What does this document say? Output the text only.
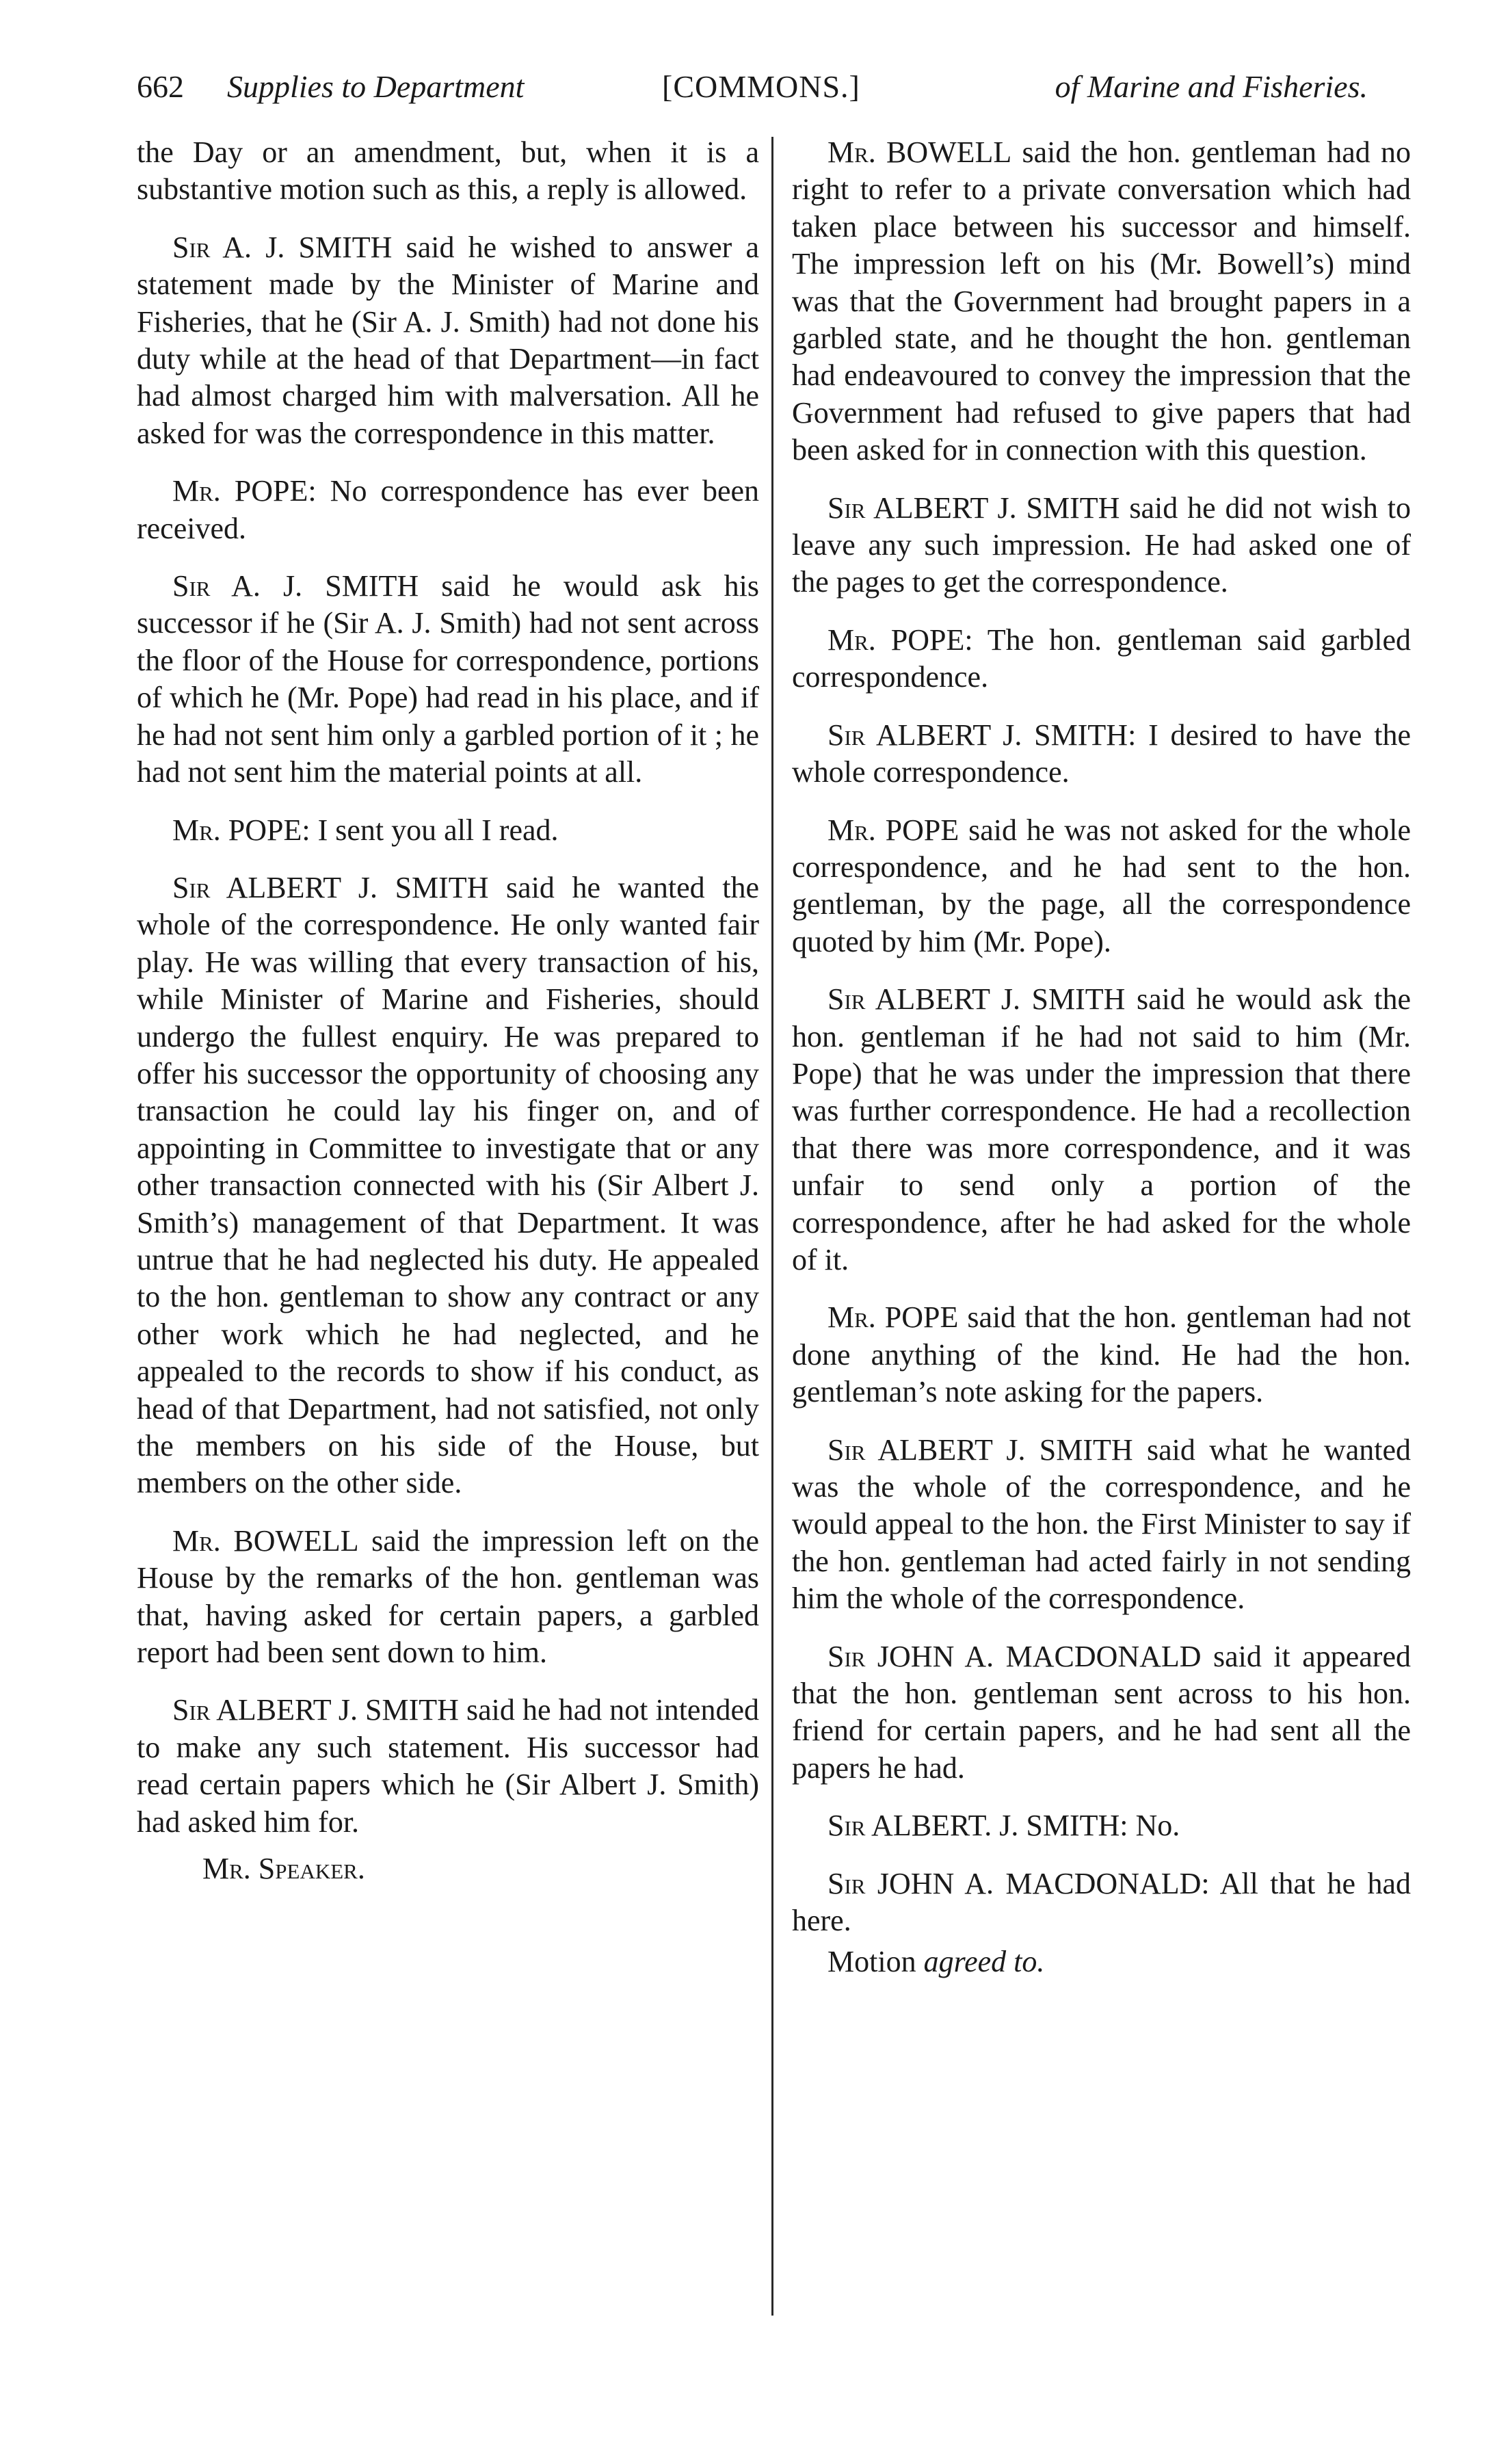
662 Supplies to Department	[COMMONS.]	of Marine and Fisheries.

the Day or an amendment, but, when it is a substantive motion such as this, a reply is allowed.

Sir A. J. SMITH said he wished to answer a statement made by the Minister of Marine and Fisheries, that he (Sir A. J. Smith) had not done his duty while at the head of that Department—in fact had almost charged him with malversation. All he asked for was the correspondence in this matter.

Mr. POPE: No correspondence has ever been received.

Sir A. J. SMITH said he would ask his successor if he (Sir A. J. Smith) had not sent across the floor of the House for correspondence, portions of which he (Mr. Pope) had read in his place, and if he had not sent him only a garbled portion of it ; he had not sent him the material points at all.

Mr. POPE: I sent you all I read.

Sir ALBERT J. SMITH said he wanted the whole of the correspondence. He only wanted fair play. He was willing that every transaction of his, while Minister of Marine and Fisheries, should undergo the fullest enquiry. He was prepared to offer his successor the opportunity of choosing any transaction he could lay his finger on, and of appointing in Committee to investigate that or any other transaction connected with his (Sir Albert J. Smith’s) management of that Department. It was untrue that he had neglected his duty. He appealed to the hon. gentleman to show any contract or any other work which he had neglected, and he appealed to the records to show if his conduct, as head of that Department, had not satisfied, not only the members on his side of the House, but members on the other side.

Mr. BOWELL said the impression left on the House by the remarks of the hon. gentleman was that, having asked for certain papers, a garbled report had been sent down to him.

Sir ALBERT J. SMITH said he had not intended to make any such statement. His successor had read certain papers which he (Sir Albert J. Smith) had asked him for.

Mr. Speaker.

Mr. BOWELL said the hon. gentleman had no right to refer to a private conversation which had taken place between his successor and himself. The impression left on his (Mr. Bowell’s) mind was that the Government had brought papers in a garbled state, and he thought the hon. gentleman had endeavoured to convey the impression that the Government had refused to give papers that had been asked for in connection with this question.

Sir ALBERT J. SMITH said he did not wish to leave any such impression. He had asked one of the pages to get the correspondence.

Mr. POPE: The hon. gentleman said garbled correspondence.

Sir ALBERT J. SMITH: I desired to have the whole correspondence.

Mr. POPE said he was not asked for the whole correspondence, and he had sent to the hon. gentleman, by the page, all the correspondence quoted by him (Mr. Pope).

Sir ALBERT J. SMITH said he would ask the hon. gentleman if he had not said to him (Mr. Pope) that he was under the impression that there was further correspondence. He had a recollection that there was more correspondence, and it was unfair to send only a portion of the correspondence, after he had asked for the whole of it.

Mr. POPE said that the hon. gentleman had not done anything of the kind. He had the hon. gentleman’s note asking for the papers.

Sir ALBERT J. SMITH said what he wanted was the whole of the correspondence, and he would appeal to the hon. the First Minister to say if the hon. gentleman had acted fairly in not sending him the whole of the correspondence.

Sir JOHN A. MACDONALD said it appeared that the hon. gentleman sent across to his hon. friend for certain papers, and he had sent all the papers he had.

Sir ALBERT. J. SMITH: No.

Sir JOHN A. MACDONALD: All that he had here.

Motion agreed to.
